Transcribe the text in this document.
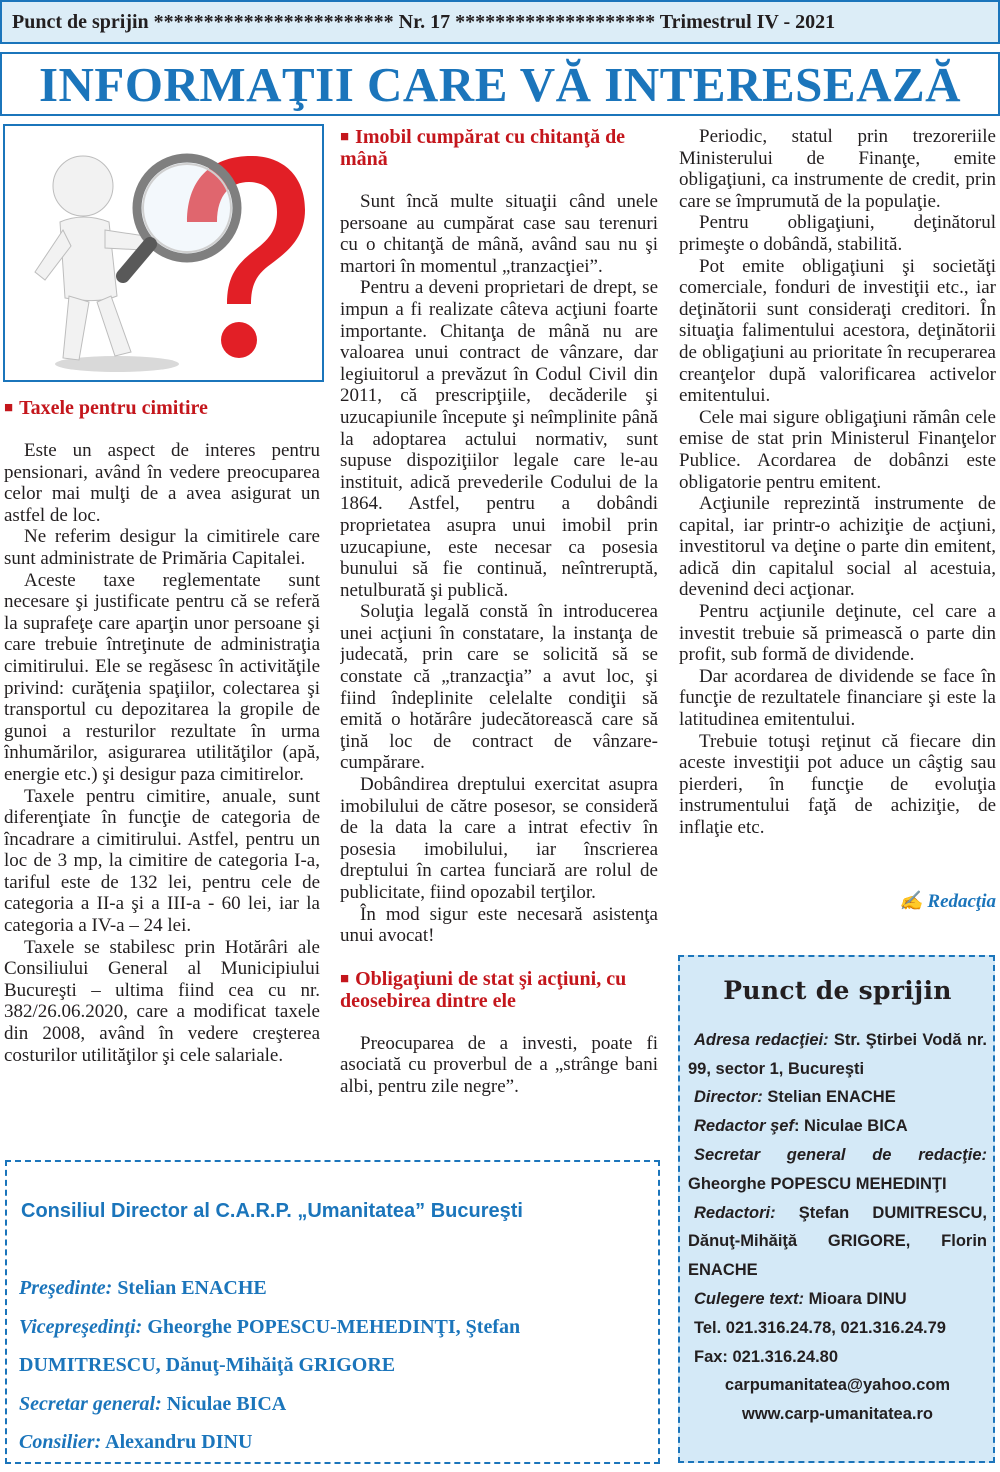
Punct de sprijin ************************ Nr. 17 ******************** Trimestrul IV - 2021
INFORMAŢII CARE VĂ INTERESEAZĂ
■ Taxele pentru cimitire

Este un aspect de interes pentru pensionari, având în vedere preocuparea celor mai mulţi de a avea asigurat un astfel de loc.

Ne referim desigur la cimitirele care sunt administrate de Primăria Capitalei.

Aceste taxe reglementate sunt necesare şi justificate pentru că se referă la suprafeţe care aparţin unor persoane şi care trebuie întreţinute de administraţia cimitirului. Ele se regăsesc în activităţile privind: curăţenia spaţiilor, colectarea şi transportul cu depozitarea la gropile de gunoi a resturilor rezultate în urma înhumărilor, asigurarea utilităţilor (apă, energie etc.) şi desigur paza cimitirelor.

Taxele pentru cimitire, anuale, sunt diferenţiate în funcţie de categoria de încadrare a cimitirului. Astfel, pentru un loc de 3 mp, la cimitire de categoria I-a, tariful este de 132 lei, pentru cele de categoria a II-a şi a III-a - 60 lei, iar la categoria a IV-a – 24 lei.

Taxele se stabilesc prin Hotărâri ale Consiliului General al Municipiului Bucureşti – ultima fiind cea cu nr. 382/26.06.2020, care a modificat taxele din 2008, având în vedere creşterea costurilor utilităţilor şi cele salariale.

■ Imobil cumpărat cu chitanţă de mână

Sunt încă multe situaţii când unele persoane au cumpărat case sau terenuri cu o chitanţă de mână, având sau nu şi martori în momentul „tranzacţiei”.

Pentru a deveni proprietari de drept, se impun a fi realizate câteva acţiuni foarte importante. Chitanţa de mână nu are valoarea unui contract de vânzare, dar legiuitorul a prevăzut în Codul Civil din 2011, că prescripţiile, decăderile şi uzucapiunile începute şi neîmplinite până la adoptarea actului normativ, sunt supuse dispoziţiilor legale care le-au instituit, adică prevederile Codului de la 1864. Astfel, pentru a dobândi proprietatea asupra unui imobil prin uzucapiune, este necesar ca posesia bunului să fie continuă, neîntreruptă, netulburată şi publică.

Soluţia legală constă în introducerea unei acţiuni în constatare, la instanţa de judecată, prin care se solicită să se constate că „tranzacţia” a avut loc, şi fiind îndeplinite celelalte condiţii să emită o hotărâre judecătorească care să ţină loc de contract de vânzare-cumpărare.

Dobândirea dreptului exercitat asupra imobilului de către posesor, se consideră de la data la care a intrat efectiv în posesia imobilului, iar înscrierea dreptului în cartea funciară are rolul de publicitate, fiind opozabil terţilor.

În mod sigur este necesară asistenţa unui avocat!

■ Obligaţiuni de stat şi acţiuni, cu deosebirea dintre ele

Preocuparea de a investi, poate fi asociată cu proverbul de a „strânge bani albi, pentru zile negre”.

Periodic, statul prin trezoreriile Ministerului de Finanţe, emite obligaţiuni, ca instrumente de credit, prin care se împrumută de la populaţie.

Pentru obligaţiuni, deţinătorul primeşte o dobândă, stabilită.

Pot emite obligaţiuni şi societăţi comerciale, fonduri de investiţii etc., iar deţinătorii sunt consideraţi creditori. În situaţia falimentului acestora, deţinătorii de obligaţiuni au prioritate în recuperarea creanţelor după valorificarea activelor emitentului.

Cele mai sigure obligaţiuni rămân cele emise de stat prin Ministerul Finanţelor Publice. Acordarea de dobânzi este obligatorie pentru emitent.

Acţiunile reprezintă instrumente de capital, iar printr-o achiziţie de acţiuni, investitorul va deţine o parte din emitent, adică din capitalul social al acestuia, devenind deci acţionar.

Pentru acţiunile deţinute, cel care a investit trebuie să primească o parte din profit, sub formă de dividende.

Dar acordarea de dividende se face în funcţie de rezultatele financiare şi este la latitudinea emitentului.

Trebuie totuşi reţinut că fiecare din aceste investiţii pot aduce un câştig sau pierderi, în funcţie de evoluţia instrumentului faţă de achiziţie, de inflaţie etc.

✍ Redacţia
Punct de sprijin
Adresa redacţiei: Str. Ştirbei Vodă nr. 99, sector 1, Bucureşti
Director: Stelian ENACHE
Redactor şef: Niculae BICA
Secretar general de redacţie: Gheorghe POPESCU MEHEDINŢI
Redactori: Ştefan DUMITRESCU, Dănuţ-Mihăiţă GRIGORE, Florin ENACHE
Culegere text: Mioara DINU
Tel. 021.316.24.78, 021.316.24.79
Fax: 021.316.24.80
carpumanitatea@yahoo.com
www.carp-umanitatea.ro
Consiliul Director al C.A.R.P. „Umanitatea” Bucureşti

Preşedinte: Stelian ENACHE

Vicepreşedinţi: Gheorghe POPESCU-MEHEDINŢI, Ştefan

DUMITRESCU, Dănuţ-Mihăiţă GRIGORE

Secretar general: Niculae BICA

Consilier: Alexandru DINU
